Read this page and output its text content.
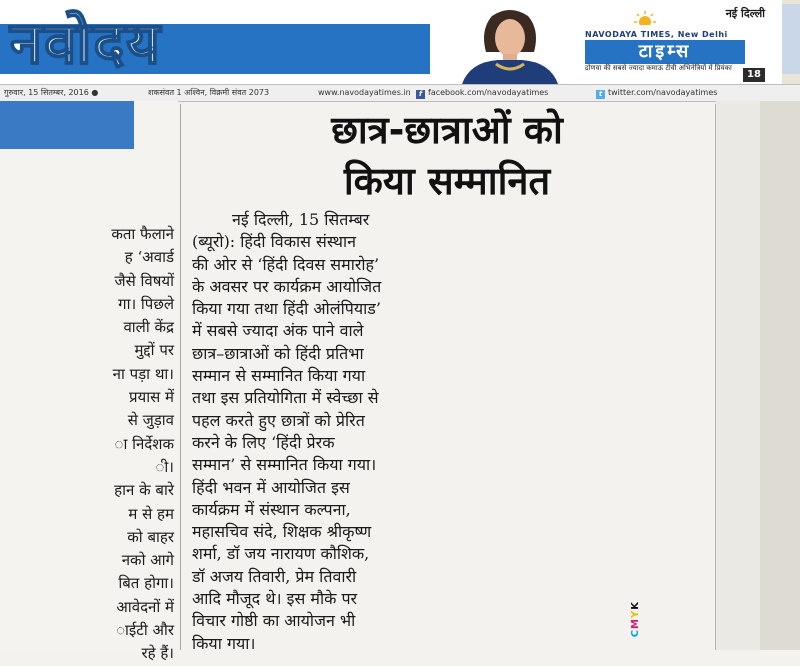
नवोदय	नई दिल्ली
NAVODAYA TIMES, New Delhi
टाइम्स
द्रोणवा की सबसे ज्यादा कमाऊ टीवी अभिनेत्रियों में प्रियंका
18
गुरुवार, 15 सितम्बर, 2016 ●	शकसंवत 1 अश्विन, विक्रमी संवत 2073	www.navodayatimes.in	f facebook.com/navodayatimes	t twitter.com/navodayatimes
कता फैलाने
ह ‘अवार्ड
जैसे विषयों
गा। पिछले
वाली केंद्र
मुद्दों पर
ना पड़ा था।
प्रयास में
से जुड़ाव
ा निर्देशक
ी।
हान के बारे
म से हम
को बाहर
नको आगे
बित होगा।
आवेदनों में
ाईटी और
रहे हैं।
छात्र-छात्राओं को
किया सम्मानित
नई दिल्ली, 15 सितम्बर
(ब्यूरो): हिंदी विकास संस्थान
की ओर से ‘हिंदी दिवस समारोह’
के अवसर पर कार्यक्रम आयोजित
किया गया तथा हिंदी ओलंपियाड’
में सबसे ज्यादा अंक पाने वाले
छात्र–छात्राओं को हिंदी प्रतिभा
सम्मान से सम्मानित किया गया
तथा इस प्रतियोगिता में स्वेच्छा से
पहल करते हुए छात्रों को प्रेरित
करने के लिए ‘हिंदी प्रेरक
सम्मान’ से सम्मानित किया गया।
हिंदी भवन में आयोजित इस
कार्यक्रम में संस्थान कल्पना,
महासचिव संदे, शिक्षक श्रीकृष्ण
शर्मा, डॉ जय नारायण कौशिक,
डॉ अजय तिवारी, प्रेम तिवारी
आदि मौजूद थे। इस मौके पर
विचार गोष्ठी का आयोजन भी
किया गया।
CMYK
